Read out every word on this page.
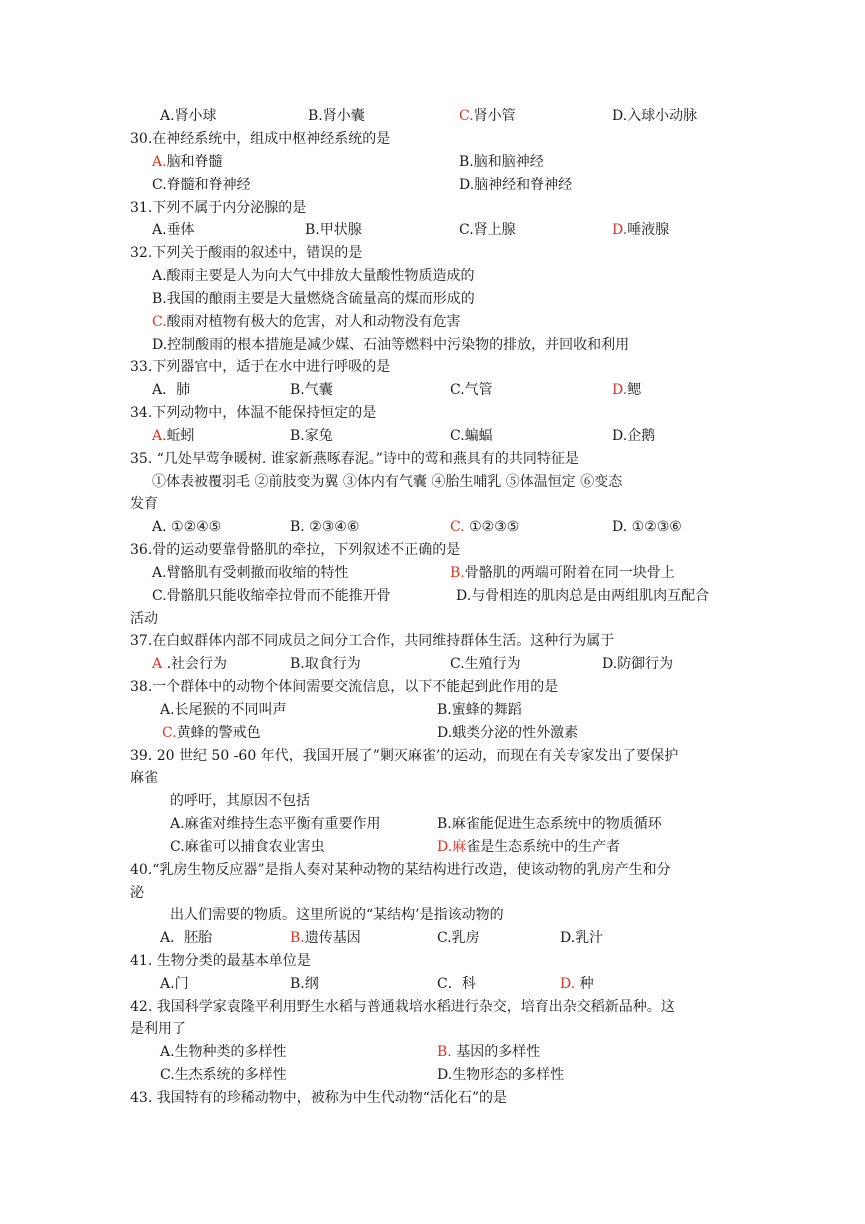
A.肾小球	B.肾小囊	C.肾小管	D.入球小动脉
30.在神经系统中，组成中枢神经系统的是
A.脑和脊髓	B.脑和脑神经
C.脊髓和脊神经	D.脑神经和脊神经
31.下列不属于内分泌腺的是
A.垂体	B.甲状腺	C.肾上腺	D.唾液腺
32.下列关于酸雨的叙述中，错误的是
A.酸雨主要是人为向大气中排放大量酸性物质造成的
B.我国的酿雨主要是大量燃烧含硫量高的煤而形成的
C.酸雨对植物有极大的危害，对人和动物没有危害
D.控制酸雨的根本措施是减少媒、石油等燃料中污染物的排放，并回收和利用
33.下列器官中，适于在水中进行呼吸的是
A．肺	B.气囊	C.气管	D.鳃
34.下列动物中，体温不能保持恒定的是
A.蚯蚓	B.家兔	C.蝙蝠	D.企鹅
35. “几处早莺争暖树. 谁家新燕啄春泥。”诗中的莺和燕具有的共同特征是
①体表被覆羽毛 ②前肢变为翼 ③体内有气囊 ④胎生哺乳 ⑤体温恒定 ⑥变态
发育
A. ①②④⑤	B. ②③④⑥	C. ①②③⑤	D. ①②③⑥
36.骨的运动要靠骨骼肌的牵拉，下列叙述不正确的是
A.臂骼肌有受刺撤而收缩的特性	B.骨骼肌的两端可附着在同一块骨上
C.骨骼肌只能收缩牵拉骨而不能推开骨	D.与骨相连的肌肉总是由两组肌肉互配合
活动
37.在白蚁群体内部不同成员之间分工合作，共同维持群体生活。这种行为属于
A .社会行为	B.取食行为	C.生殖行为	D.防御行为
38.一个群体中的动物个体间需要交流信息，以下不能起到此作用的是
A.长尾猴的不同叫声	B.蜜蜂的舞蹈
C.黄蜂的警戒色	D.蛾类分泌的性外激素
39. 20 世纪 50 -60 年代，我国开展了”剿灭麻雀’的运动，而现在有关专家发出了要保护
麻雀
的呼吁，其原因不包括
A.麻雀对维持生态平衡有重要作用	B.麻雀能促进生态系统中的物质循环
C.麻雀可以捕食农业害虫	D.麻雀是生态系统中的生产者
40.“乳房生物反应器”是指人奏对某种动物的某结构进行改造，使该动物的乳房产生和分
泌
出人们需要的物质。这里所说的“某结构’是指该动物的
A．胚胎	B.遗传基因	C.乳房	D.乳汁
41. 生物分类的最基本单位是
A.门	B.纲	C．科	D. 种
42. 我国科学家袁隆平利用野生水稻与普通栽培水稻进行杂交，培育出杂交稻新品种。这
是利用了
A.生物种类的多样性	B. 基因的多样性
C.生杰系统的多样性	D.生物形态的多样性
43. 我国特有的珍稀动物中，被称为中生代动物“活化石”的是
